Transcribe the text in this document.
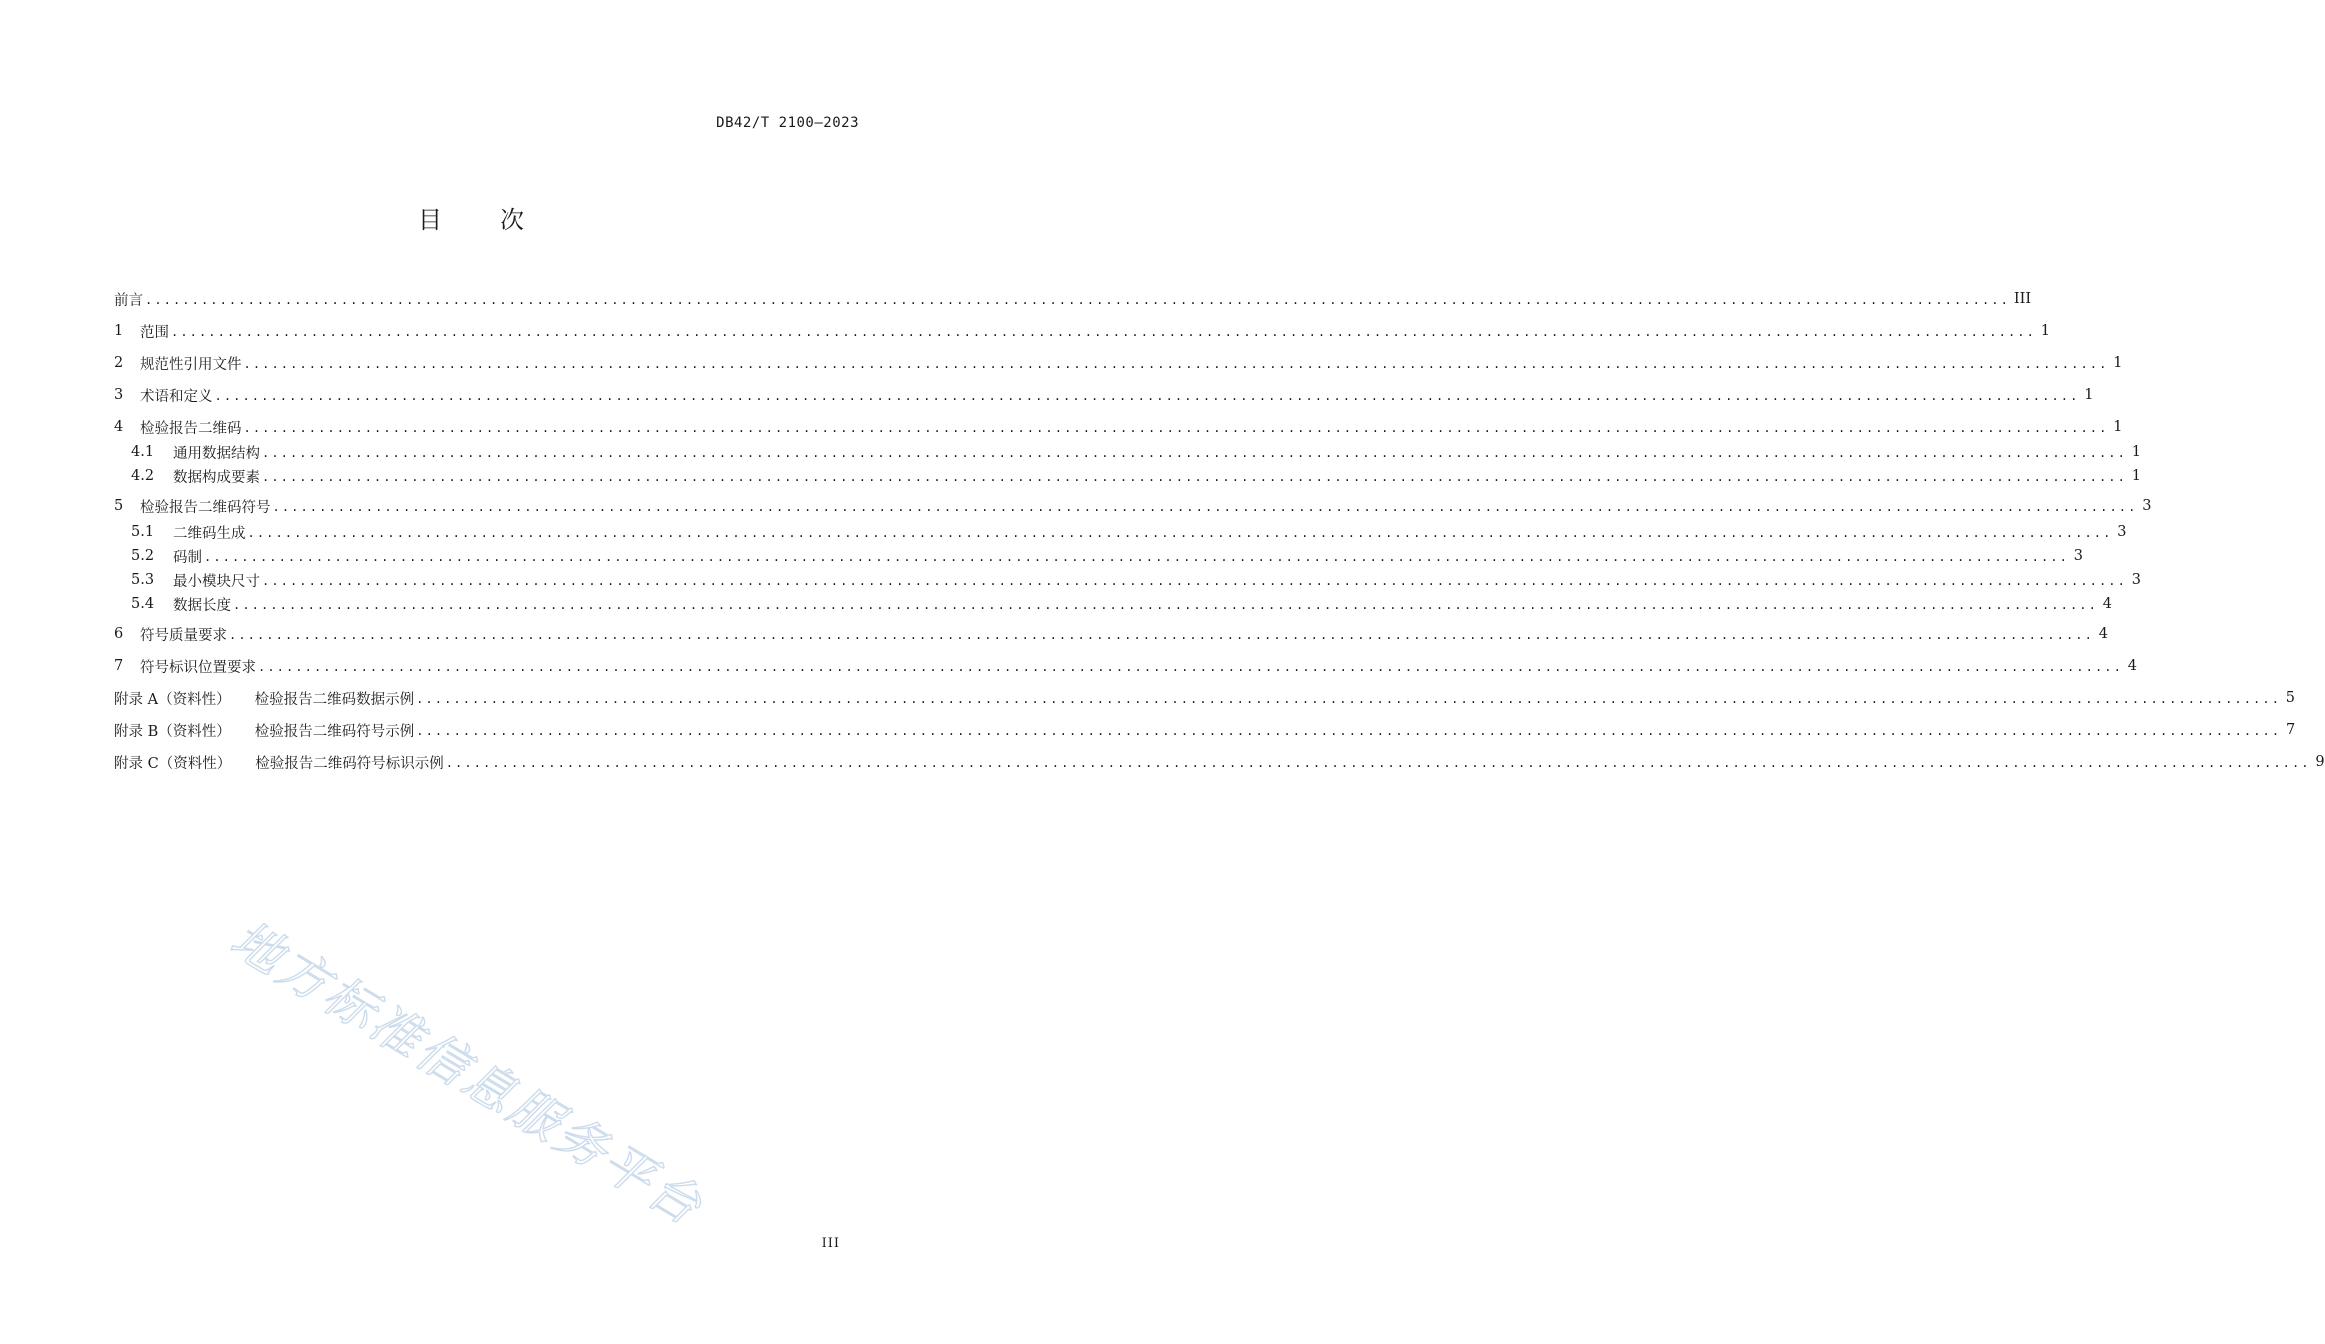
DB42/T 2100—2023
目 次
前言 ........................................................................................................................................................................................................ III
1	范围 ........................................................................................................................................................................................................ 1
2	规范性引用文件 ........................................................................................................................................................................................................ 1
3	术语和定义 ........................................................................................................................................................................................................ 1
4	检验报告二维码 ........................................................................................................................................................................................................ 1
4.1	通用数据结构 ........................................................................................................................................................................................................ 1
4.2	数据构成要素 ........................................................................................................................................................................................................ 1
5	检验报告二维码符号 ........................................................................................................................................................................................................ 3
5.1	二维码生成 ........................................................................................................................................................................................................ 3
5.2	码制 ........................................................................................................................................................................................................ 3
5.3	最小模块尺寸 ........................................................................................................................................................................................................ 3
5.4	数据长度 ........................................................................................................................................................................................................ 4
6	符号质量要求 ........................................................................................................................................................................................................ 4
7	符号标识位置要求 ........................................................................................................................................................................................................ 4
附录 A（资料性） 检验报告二维码数据示例 ........................................................................................................................................................................................................ 5
附录 B（资料性） 检验报告二维码符号示例 ........................................................................................................................................................................................................ 7
附录 C（资料性） 检验报告二维码符号标识示例 ........................................................................................................................................................................................................ 9
地方标准信息服务平台
III
